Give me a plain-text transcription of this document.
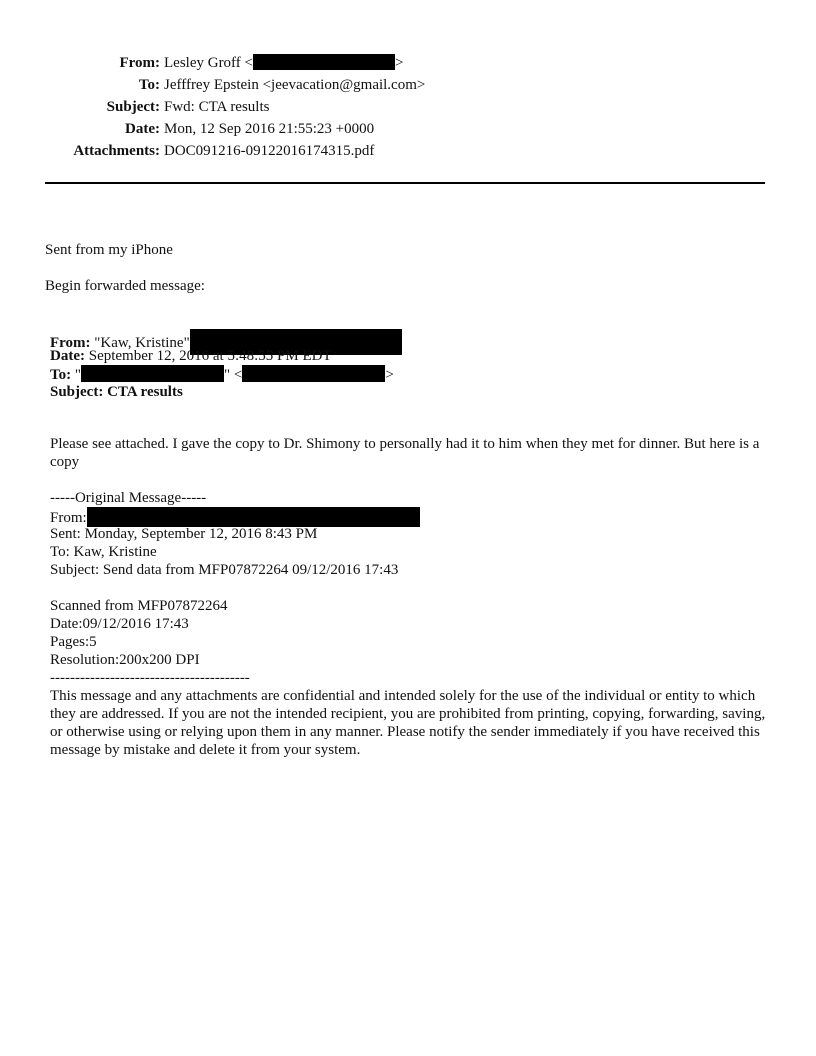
From: Lesley Groff <	>
To: Jefffrey Epstein <jeevacation@gmail.com>
Subject: Fwd: CTA results
Date: Mon, 12 Sep 2016 21:55:23 +0000
Attachments: DOC091216-09122016174315.pdf
Sent from my iPhone
Begin forwarded message:
From: "Kaw, Kristine"
Date: September 12, 2016 at 5:48:55 PM EDT
To: "	" <	>
Subject: CTA results
Please see attached. I gave the copy to Dr. Shimony to personally had it to him when they met for dinner. But here is a copy
-----Original Message-----
From:
Sent: Monday, September 12, 2016 8:43 PM
To: Kaw, Kristine
Subject: Send data from MFP07872264 09/12/2016 17:43
Scanned from MFP07872264
Date:09/12/2016 17:43
Pages:5
Resolution:200x200 DPI
----------------------------------------
This message and any attachments are confidential and intended solely for the use of the individual or entity to which they are addressed. If you are not the intended recipient, you are prohibited from printing, copying, forwarding, saving, or otherwise using or relying upon them in any manner. Please notify the sender immediately if you have received this message by mistake and delete it from your system.
